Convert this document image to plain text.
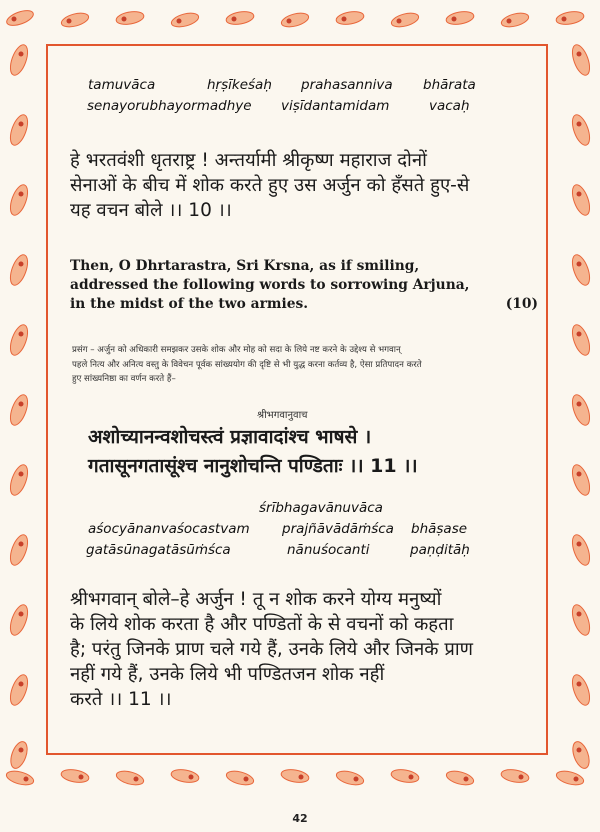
tamuvāca	hṛṣīkeśaḥ prahasanniva bhārata
senayorubhayormadhye viṣīdantamidam	vacaḥ
हे भरतवंशी धृतराष्ट्र ! अन्तर्यामी श्रीकृष्ण महाराज दोनों
सेनाओं के बीच में शोक करते हुए उस अर्जुन को हँसते हुए-से
यह वचन बोले ।। 10 ।।
Then, O Dhrtarastra, Sri Krsna, as if smiling,
addressed the following words to sorrowing Arjuna,
in the midst of the two armies.	(10)
प्रसंग – अर्जुन को अधिकारी समझकर उसके शोक और मोह को सदा के लिये नष्ट करने के उद्देश्य से भगवान्
पहले नित्य और अनित्य वस्तु के विवेचन पूर्वक सांख्ययोग की दृष्टि से भी युद्ध करना कर्तव्य है, ऐसा प्रतिपादन करते
हुए सांख्यनिष्ठा का वर्णन करते हैं–
श्रीभगवानुवाच
अशोच्यानन्वशोचस्त्वं प्रज्ञावादांश्च भाषसे ।
गतासूनगतासूंश्च नानुशोचन्ति पण्डिताः ।। 11 ।।
śrībhagavānuvāca
aśocyānanvaśocastvam prajñāvādāṁśca bhāṣase
gatāsūnagatāsūṁśca	nānuśocanti	paṇḍitāḥ
श्रीभगवान् बोले–हे अर्जुन ! तू न शोक करने योग्य मनुष्यों
के लिये शोक करता है और पण्डितों के से वचनों को कहता
है; परंतु जिनके प्राण चले गये हैं, उनके लिये और जिनके प्राण
नहीं गये हैं, उनके लिये भी पण्डितजन शोक नहीं
करते ।। 11 ।।
42
